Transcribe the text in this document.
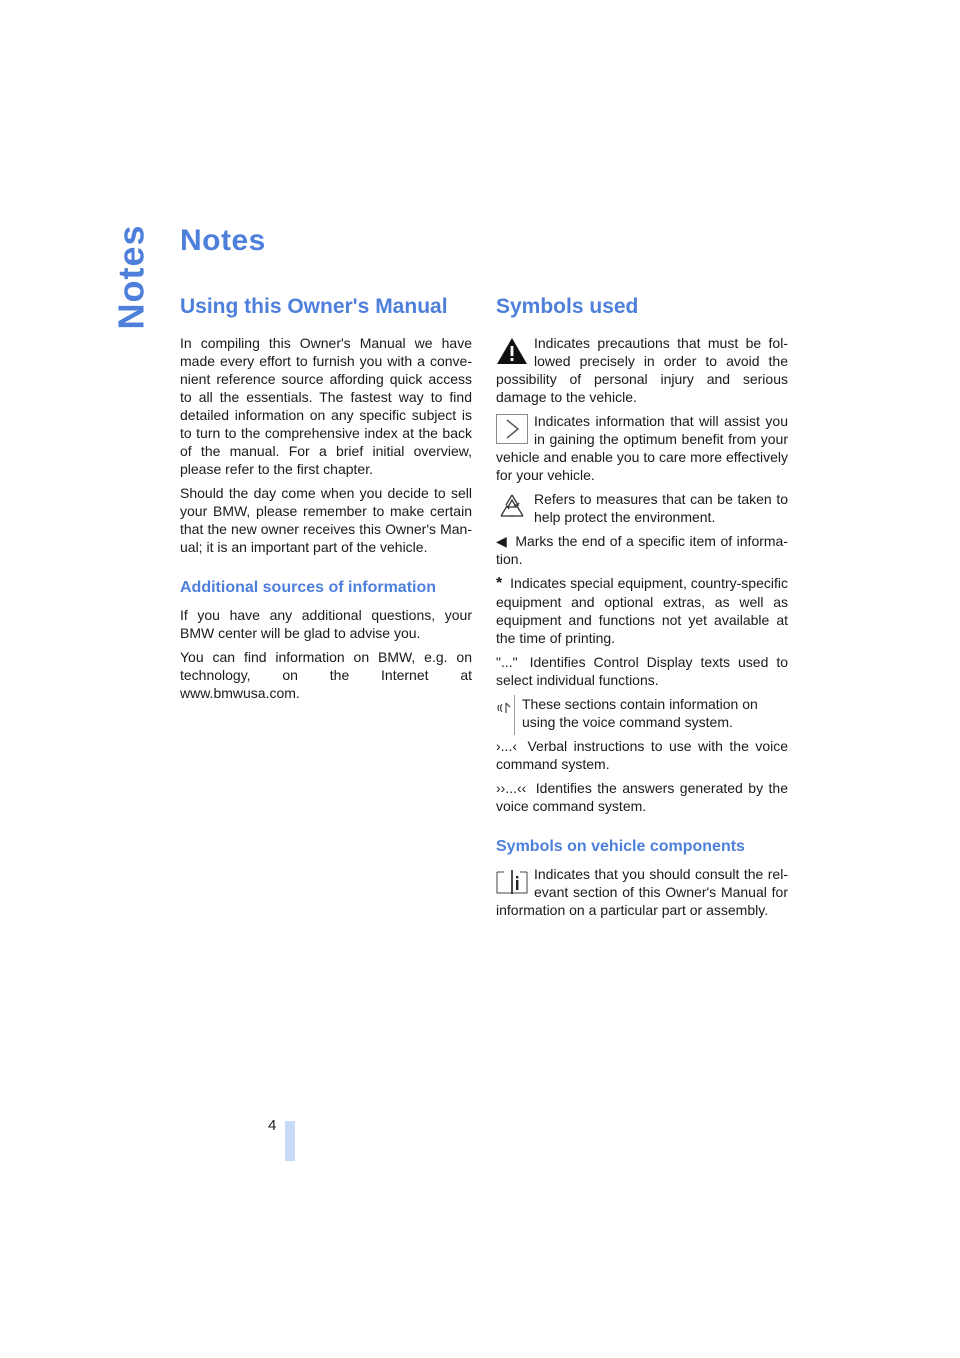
Notes Notes
Using this Owner's Manual

In compiling this Owner's Manual we have made every effort to furnish you with a convenient reference source affording quick access to all the essentials. The fastest way to find detailed information on any specific subject is to turn to the comprehensive index at the back of the manual. For a brief initial overview, please refer to the first chapter.

Should the day come when you decide to sell your BMW, please remember to make certain that the new owner receives this Owner's Manual; it is an important part of the vehicle.

Additional sources of information

If you have any additional questions, your BMW center will be glad to advise you.

You can find information on BMW, e.g. on technology, on the Internet at www.bmwusa.com.

Symbols used
Indicates precautions that must be followed precisely in order to avoid the possibility of personal injury and serious damage to the vehicle.
Indicates information that will assist you in gaining the optimum benefit from your vehicle and enable you to care more effectively for your vehicle.
Refers to measures that can be taken to help protect the environment.

◀ Marks the end of a specific item of information.

* Indicates special equipment, country-specific equipment and optional extras, as well as equipment and functions not yet available at the time of printing.

"..." Identifies Control Display texts used to select individual functions.

These sections contain information on using the voice command system.

›...‹ Verbal instructions to use with the voice command system.

››...‹‹ Identifies the answers generated by the voice command system.

Symbols on vehicle components
Indicates that you should consult the relevant section of this Owner's Manual for information on a particular part or assembly.
4
